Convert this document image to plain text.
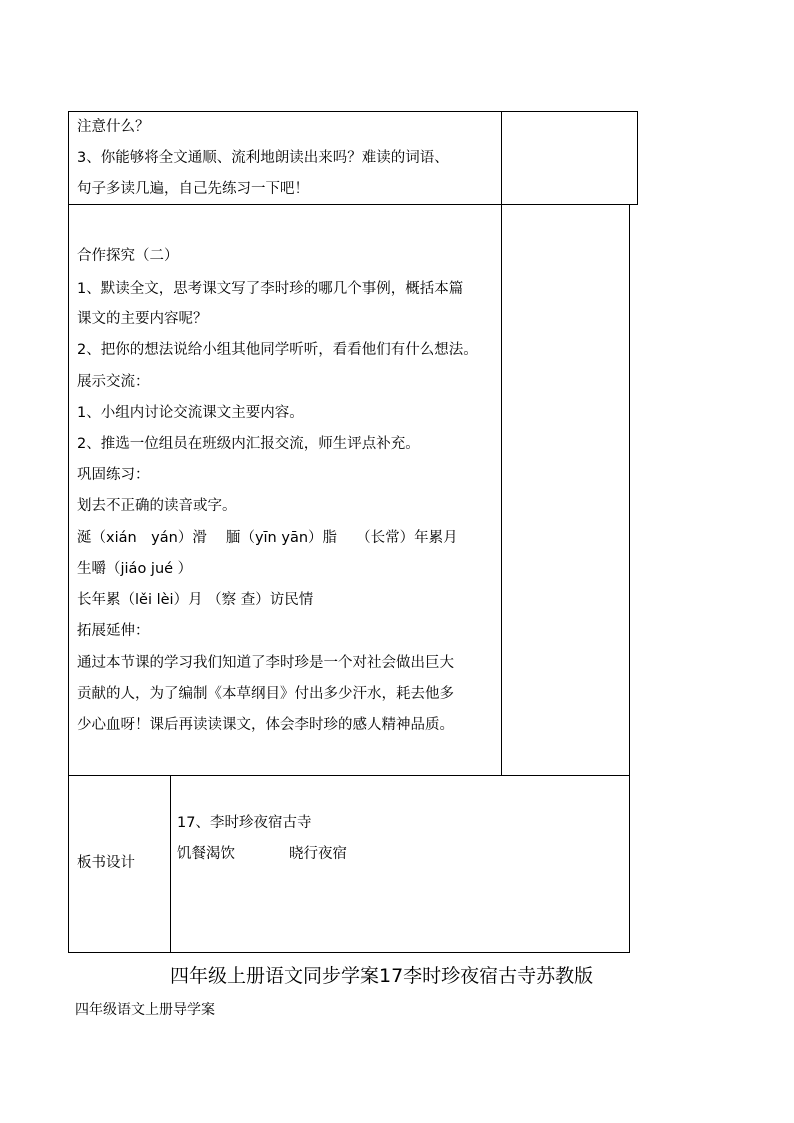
注意什么？
3、你能够将全文通顺、流利地朗读出来吗？难读的词语、
句子多读几遍，自己先练习一下吧！
合作探究（二）
1、默读全文，思考课文写了李时珍的哪几个事例，概括本篇
课文的主要内容呢？
2、把你的想法说给小组其他同学听听，看看他们有什么想法。
展示交流：
1、小组内讨论交流课文主要内容。
2、推选一位组员在班级内汇报交流，师生评点补充。
巩固练习：
划去不正确的读音或字。
涎（xián　yán）滑　 腼（yīn yān）脂　 （长常）年累月
生嚼（jiáo jué ）
长年累（lěi lèi）月 （察 查）访民情
拓展延伸：
通过本节课的学习我们知道了李时珍是一个对社会做出巨大
贡献的人，为了编制《本草纲目》付出多少汗水，耗去他多
少心血呀！课后再读读课文，体会李时珍的感人精神品质。
板书设计
17、李时珍夜宿古寺
饥餐渴饮	晓行夜宿
四年级上册语文同步学案17李时珍夜宿古寺苏教版
四年级语文上册导学案
